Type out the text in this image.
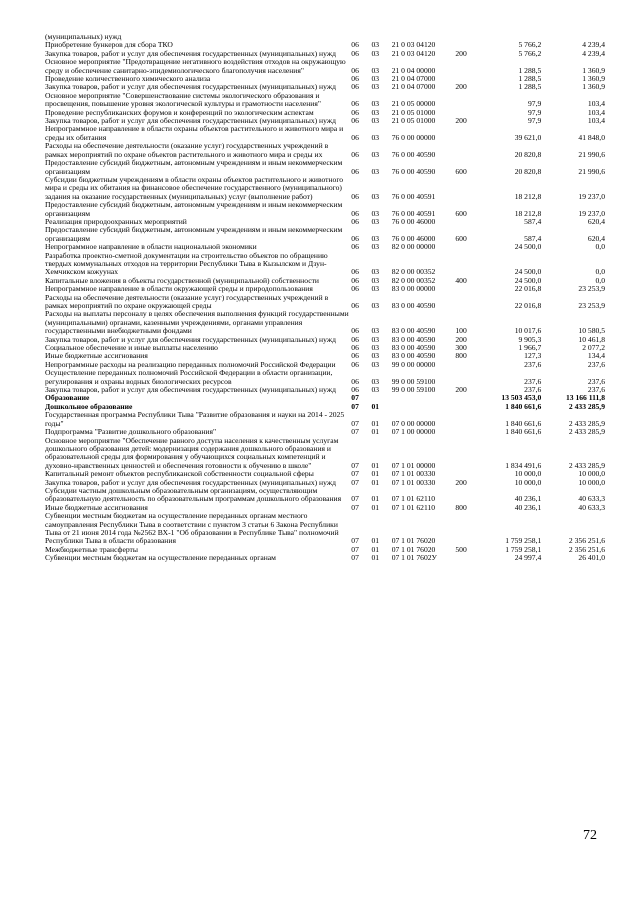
(муниципальных) нужд						
Приобретение бункеров для сбора ТКО	06	03	21 0 03 04120		5 766,2	4 239,4
Закупка товаров, работ и услуг для обеспечения государственных (муниципальных) нужд	06	03	21 0 03 04120	200	5 766,2	4 239,4
Основное мероприятие "Предотвращение негативного воздействия отходов на окружающую среду и обеспечение санитарно-эпидемиологического благополучия населения"	06	03	21 0 04 00000		1 288,5	1 360,9
Проведение количественного химического анализа	06	03	21 0 04 07000		1 288,5	1 360,9
Закупка товаров, работ и услуг для обеспечения государственных (муниципальных) нужд	06	03	21 0 04 07000	200	1 288,5	1 360,9
Основное мероприятие "Совершенствование системы экологического образования и просвещения, повышение уровня экологической культуры и грамотности населения"	06	03	21 0 05 00000		97,9	103,4
Проведение республиканских форумов и конференций по экологическим аспектам	06	03	21 0 05 01000		97,9	103,4
Закупка товаров, работ и услуг для обеспечения государственных (муниципальных) нужд	06	03	21 0 05 01000	200	97,9	103,4
Непрограммное направление в области охраны объектов растительного и животного мира и среды их обитания	06	03	76 0 00 00000		39 621,0	41 848,0
Расходы на обеспечение деятельности (оказание услуг) государственных учреждений в рамках мероприятий по охране объектов растительного и животного мира и среды их	06	03	76 0 00 40590		20 820,8	21 990,6
Предоставление субсидий бюджетным, автономным учреждениям и иным некоммерческим организациям	06	03	76 0 00 40590	600	20 820,8	21 990,6
Субсидии бюджетным учреждениям в области охраны объектов растительного и животного мира и среды их обитания на финансовое обеспечение государственного (муниципального) задания на оказание государственных (муниципальных) услуг (выполнение работ)	06	03	76 0 00 40591		18 212,8	19 237,0
Предоставление субсидий бюджетным, автономным учреждениям и иным некоммерческим организациям	06	03	76 0 00 40591	600	18 212,8	19 237,0
Реализация природоохранных мероприятий	06	03	76 0 00 46000		587,4	620,4
Предоставление субсидий бюджетным, автономным учреждениям и иным некоммерческим организациям	06	03	76 0 00 46000	600	587,4	620,4
Непрограммное направление в области национальной экономики	06	03	82 0 00 00000		24 500,0	0,0
Разработка проектно-сметной документации на строительство объектов по обращению твердых коммунальных отходов на территории Республики Тыва в Кызылском и Дзун-Хемчикском кожуунах	06	03	82 0 00 00352		24 500,0	0,0
Капитальные вложения в объекты государственной (муниципальной) собственности	06	03	82 0 00 00352	400	24 500,0	0,0
Непрограммное направление в области окружающей среды и природопользования	06	03	83 0 00 00000		22 016,8	23 253,9
Расходы на обеспечение деятельности (оказание услуг) государственных учреждений в рамках мероприятий по охране окружающей среды	06	03	83 0 00 40590		22 016,8	23 253,9
Расходы на выплаты персоналу в целях обеспечения выполнения функций государственными (муниципальными) органами, казенными учреждениями, органами управления государственными внебюджетными фондами	06	03	83 0 00 40590	100	10 017,6	10 580,5
Закупка товаров, работ и услуг для обеспечения государственных (муниципальных) нужд	06	03	83 0 00 40590	200	9 905,3	10 461,8
Социальное обеспечение и иные выплаты населению	06	03	83 0 00 40590	300	1 966,7	2 077,2
Иные бюджетные ассигнования	06	03	83 0 00 40590	800	127,3	134,4
Непрограммные расходы на реализацию переданных полномочий Российской Федерации	06	03	99 0 00 00000		237,6	237,6
Осуществление переданных полномочий Российской Федерации в области организации, регулирования и охраны водных биологических ресурсов	06	03	99 0 00 59100		237,6	237,6
Закупка товаров, работ и услуг для обеспечения государственных (муниципальных) нужд	06	03	99 0 00 59100	200	237,6	237,6
Образование	07				13 503 453,0	13 166 111,8
Дошкольное образование	07	01			1 840 661,6	2 433 285,9
Государственная программа Республики Тыва "Развитие образования и науки на 2014 - 2025 годы"	07	01	07 0 00 00000		1 840 661,6	2 433 285,9
Подпрограмма "Развитие дошкольного образования"	07	01	07 1 00 00000		1 840 661,6	2 433 285,9
Основное мероприятие "Обеспечение равного доступа населения к качественным услугам дошкольного образования детей: модернизация содержания дошкольного образования и образовательной среды для формирования у обучающихся социальных компетенций и духовно-нравственных ценностей и обеспечения готовности к обучению в школе"	07	01	07 1 01 00000		1 834 491,6	2 433 285,9
Капитальный ремонт объектов республиканской собственности социальной сферы	07	01	07 1 01 00330		10 000,0	10 000,0
Закупка товаров, работ и услуг для обеспечения государственных (муниципальных) нужд	07	01	07 1 01 00330	200	10 000,0	10 000,0
Субсидии частным дошкольным образовательным организациям, осуществляющим образовательную деятельность по образовательным программам дошкольного образования	07	01	07 1 01 62110		40 236,1	40 633,3
Иные бюджетные ассигнования	07	01	07 1 01 62110	800	40 236,1	40 633,3
Субвенции местным бюджетам на осуществление переданных органам местного самоуправления Республики Тыва в соответствии с пунктом 3 статьи 6 Закона Республики Тыва от 21 июня 2014 года №2562 ВХ-1 "Об образовании в Республике Тыва" полномочий Республики Тыва в области образования	07	01	07 1 01 76020		1 759 258,1	2 356 251,6
Межбюджетные трансферты	07	01	07 1 01 76020	500	1 759 258,1	2 356 251,6
Субвенции местным бюджетам на осуществление переданных органам	07	01	07 1 01 7602У		24 997,4	26 401,0
72
